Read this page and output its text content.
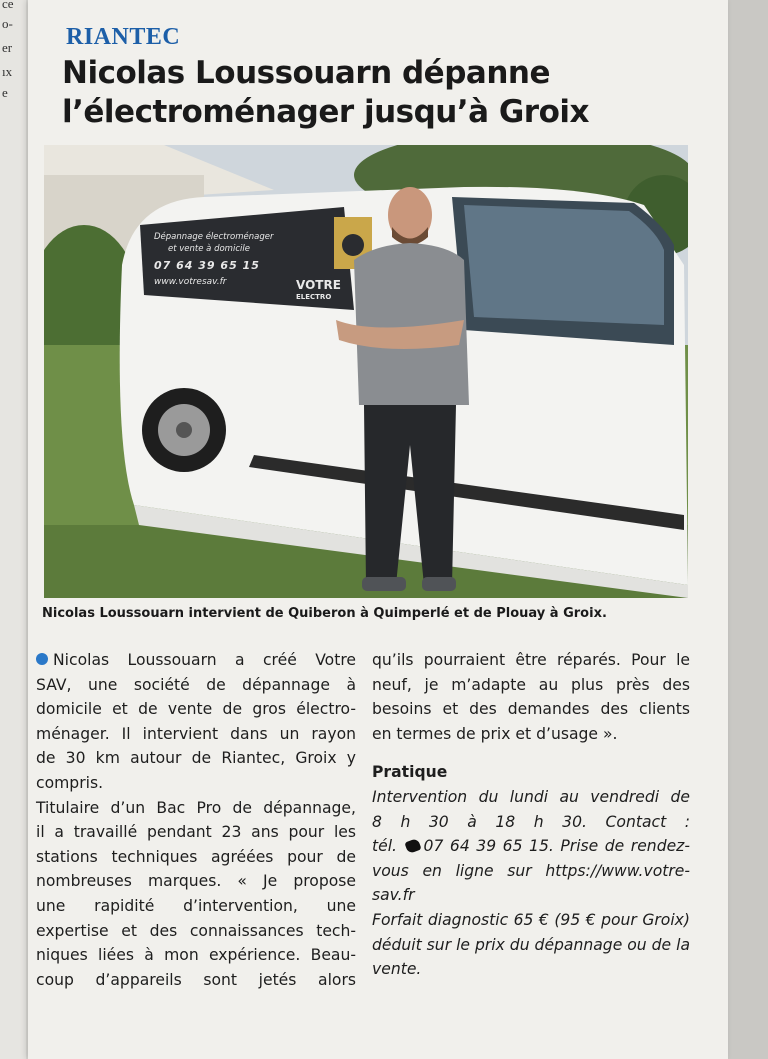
ce
o-
er
ıx
e
RIANTEC
Nicolas Loussouarn dépanne
l’électroménager jusqu’à Groix
Dépannage électroménager
et vente à domicile
07 64 39 65 15
www.votresav.fr	VOTRE
ELECTRO
Nicolas Loussouarn intervient de Quiberon à Quimperlé et de Plouay à Groix.
Nicolas Loussouarn a créé Votre
SAV, une société de dépannage à
domicile et de vente de gros électro-
ménager. Il intervient dans un rayon
de 30 km autour de Riantec, Groix y
compris.
Titulaire d’un Bac Pro de dépannage,
il a travaillé pendant 23 ans pour les
stations techniques agréées pour de
nombreuses marques. « Je propose
une rapidité d’intervention, une
expertise et des connaissances tech-
niques liées à mon expérience. Beau-
coup d’appareils sont jetés alors
qu’ils pourraient être réparés. Pour le
neuf, je m’adapte au plus près des
besoins et des demandes des clients
en termes de prix et d’usage ».
Pratique
Intervention du lundi au vendredi de
8 h 30 à 18 h 30. Contact :
tél. 07 64 39 65 15. Prise de rendez-
vous en ligne sur https://www.votre-
sav.fr
Forfait diagnostic 65 € (95 € pour Groix)
déduit sur le prix du dépannage ou de la
vente.
